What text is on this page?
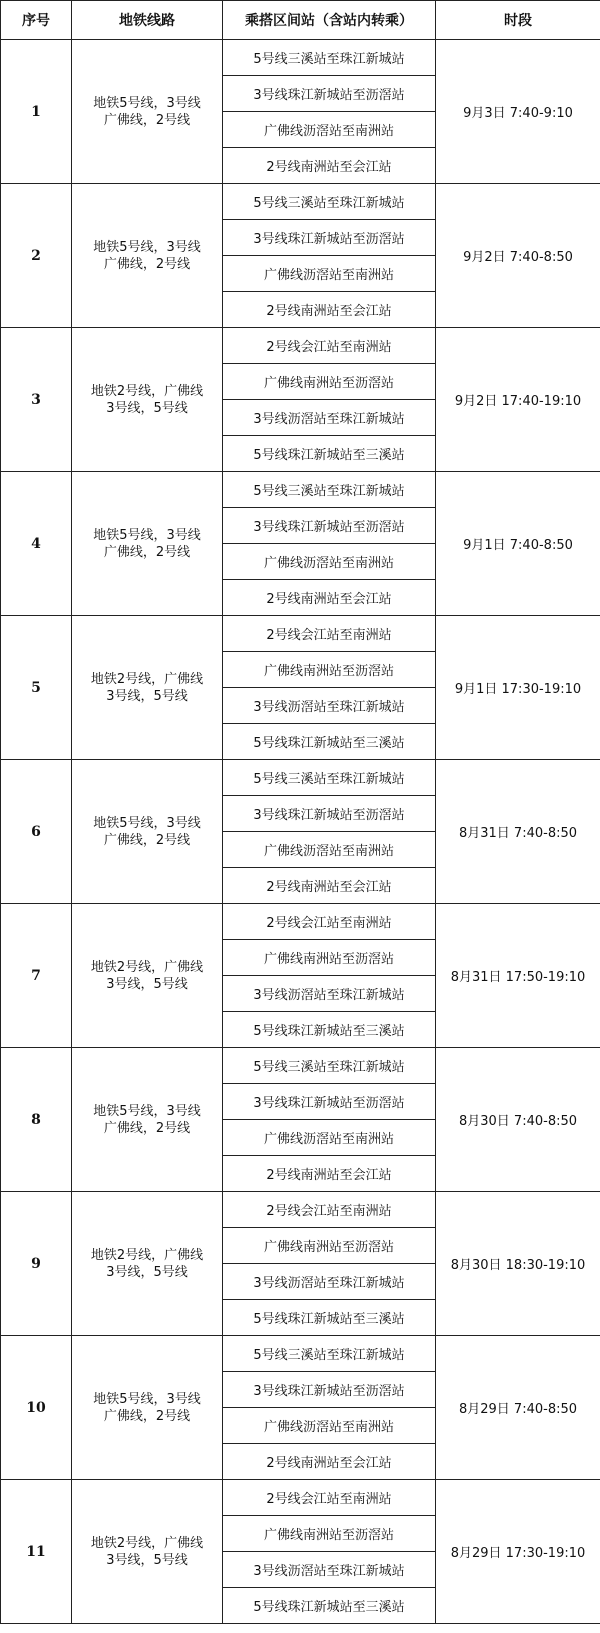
序号	地铁线路	乘搭区间站（含站内转乘）	时段
1	地铁5号线，3号线
广佛线，2号线	5号线三溪站至珠江新城站	9月3日 7:40-9:10
		3号线珠江新城站至沥滘站	
		广佛线沥滘站至南洲站	
		2号线南洲站至会江站	
2	地铁5号线，3号线
广佛线，2号线	5号线三溪站至珠江新城站	9月2日 7:40-8:50
		3号线珠江新城站至沥滘站	
		广佛线沥滘站至南洲站	
		2号线南洲站至会江站	
3	地铁2号线，广佛线
3号线，5号线	2号线会江站至南洲站	9月2日 17:40-19:10
		广佛线南洲站至沥滘站	
		3号线沥滘站至珠江新城站	
		5号线珠江新城站至三溪站	
4	地铁5号线，3号线
广佛线，2号线	5号线三溪站至珠江新城站	9月1日 7:40-8:50
		3号线珠江新城站至沥滘站	
		广佛线沥滘站至南洲站	
		2号线南洲站至会江站	
5	地铁2号线，广佛线
3号线，5号线	2号线会江站至南洲站	9月1日 17:30-19:10
		广佛线南洲站至沥滘站	
		3号线沥滘站至珠江新城站	
		5号线珠江新城站至三溪站	
6	地铁5号线，3号线
广佛线，2号线	5号线三溪站至珠江新城站	8月31日 7:40-8:50
		3号线珠江新城站至沥滘站	
		广佛线沥滘站至南洲站	
		2号线南洲站至会江站	
7	地铁2号线，广佛线
3号线，5号线	2号线会江站至南洲站	8月31日 17:50-19:10
		广佛线南洲站至沥滘站	
		3号线沥滘站至珠江新城站	
		5号线珠江新城站至三溪站	
8	地铁5号线，3号线
广佛线，2号线	5号线三溪站至珠江新城站	8月30日 7:40-8:50
		3号线珠江新城站至沥滘站	
		广佛线沥滘站至南洲站	
		2号线南洲站至会江站	
9	地铁2号线，广佛线
3号线，5号线	2号线会江站至南洲站	8月30日 18:30-19:10
		广佛线南洲站至沥滘站	
		3号线沥滘站至珠江新城站	
		5号线珠江新城站至三溪站	
10	地铁5号线，3号线
广佛线，2号线	5号线三溪站至珠江新城站	8月29日 7:40-8:50
		3号线珠江新城站至沥滘站	
		广佛线沥滘站至南洲站	
		2号线南洲站至会江站	
11	地铁2号线，广佛线
3号线，5号线	2号线会江站至南洲站	8月29日 17:30-19:10
		广佛线南洲站至沥滘站	
		3号线沥滘站至珠江新城站	
		5号线珠江新城站至三溪站	
